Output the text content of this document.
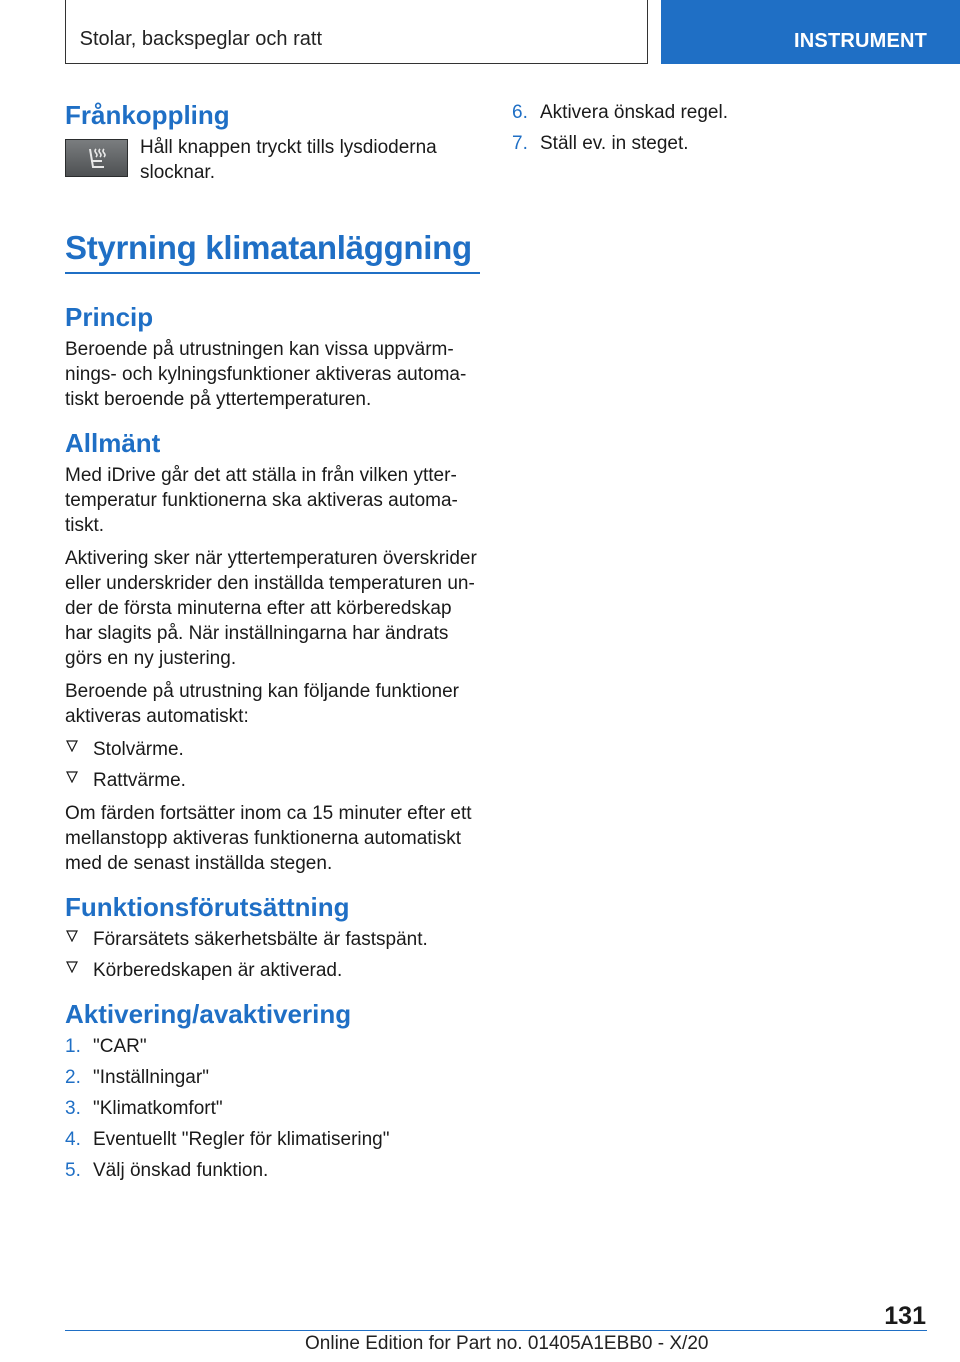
Stolar, backspeglar och ratt	INSTRUMENT
Frånkoppling

Håll knappen tryckt tills lysdioderna slocknar.

Styrning klimatanläggning
Princip

Beroende på utrustningen kan vissa uppvärmnings- och kylningsfunktioner aktiveras automatiskt beroende på yttertemperaturen.

Allmänt

Med iDrive går det att ställa in från vilken yttertemperatur funktionerna ska aktiveras automatiskt.

Aktivering sker när yttertemperaturen överskrider eller underskrider den inställda temperaturen under de första minuterna efter att körberedskap har slagits på. När inställningarna har ändrats görs en ny justering.

Beroende på utrustning kan följande funktioner aktiveras automatiskt:

Stolvärme.
Rattvärme.

Om färden fortsätter inom ca 15 minuter efter ett mellanstopp aktiveras funktionerna automatiskt med de senast inställda stegen.

Funktionsförutsättning
Förarsätets säkerhetsbälte är fastspänt.
Körberedskapen är aktiverad.
Aktivering/avaktivering
1. "CAR"
2. "Inställningar"
3. "Klimatkomfort"
4. Eventuellt "Regler för klimatisering"
5. Välj önskad funktion.
6. Aktivera önskad regel.
7. Ställ ev. in steget.
131
Online Edition for Part no. 01405A1EBB0 - X/20
